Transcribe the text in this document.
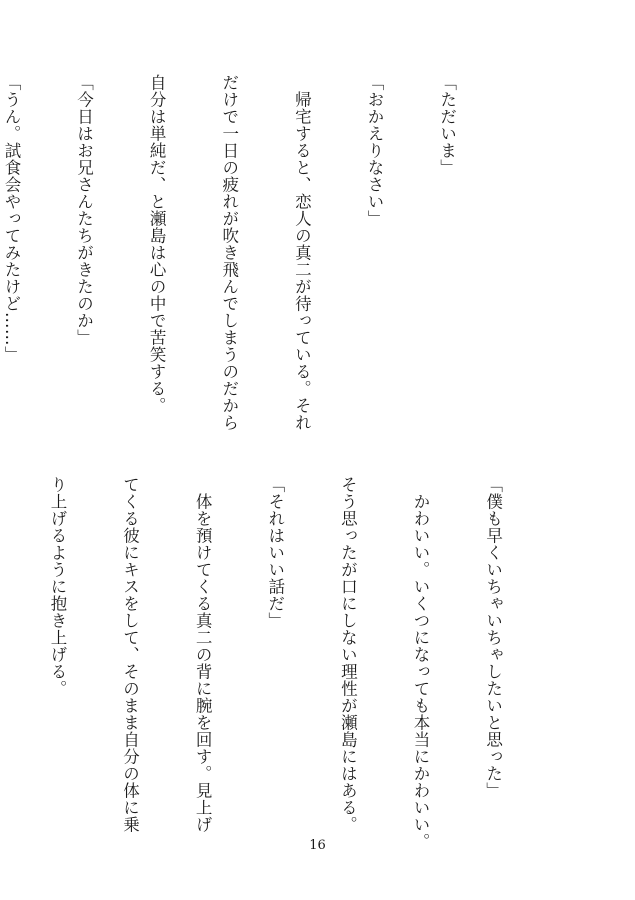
「ただいま」

「おかえりなさい」

　帰宅すると、恋人の真二が待っている。それ

だけで一日の疲れが吹き飛んでしまうのだから

自分は単純だ、と瀬島は心の中で苦笑する。

「今日はお兄さんたちがきたのか」

「うん。試食会やってみたけど……」

「僕も早くいちゃいちゃしたいと思った」

　かわいい。いくつになっても本当にかわいい。

そう思ったが口にしない理性が瀬島にはある。

「それはいい話だ」

　体を預けてくる真二の背に腕を回す。見上げ

てくる彼にキスをして、そのまま自分の体に乗

り上げるように抱き上げる。

16
